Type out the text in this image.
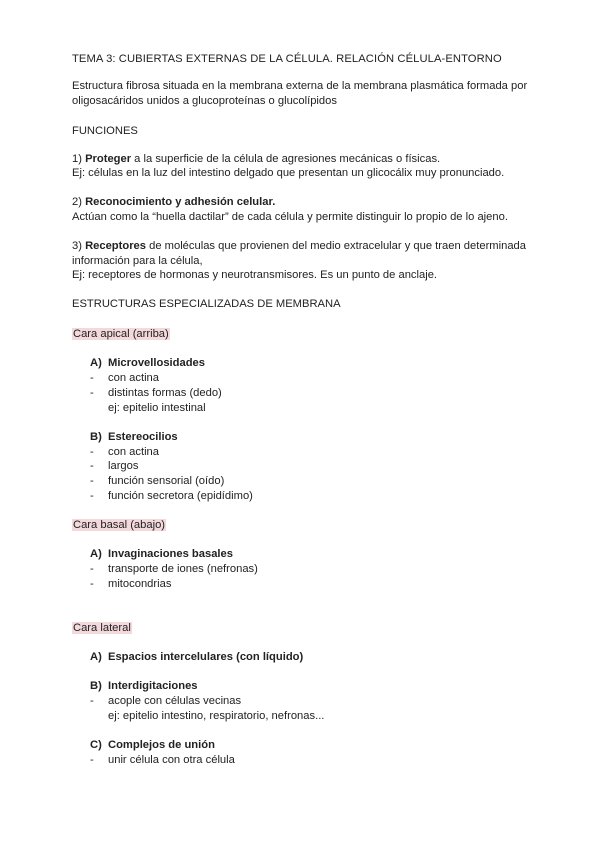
TEMA 3: CUBIERTAS EXTERNAS DE LA CÉLULA. RELACIÓN CÉLULA-ENTORNO
Estructura fibrosa situada en la membrana externa de la membrana plasmática formada por
oligosacáridos unidos a glucoproteínas o glucolípidos
FUNCIONES
1) Proteger a la superficie de la célula de agresiones mecánicas o físicas.
Ej: células en la luz del intestino delgado que presentan un glicocálix muy pronunciado.
2) Reconocimiento y adhesión celular.
Actúan como la “huella dactilar” de cada célula y permite distinguir lo propio de lo ajeno.
3) Receptores de moléculas que provienen del medio extracelular y que traen determinada
información para la célula,
Ej: receptores de hormonas y neurotransmisores. Es un punto de anclaje.
ESTRUCTURAS ESPECIALIZADAS DE MEMBRANA
Cara apical (arriba)
A) Microvellosidades
- con actina
- distintas formas (dedo)
ej: epitelio intestinal
B) Estereocilios
- con actina
- largos
- función sensorial (oído)
- función secretora (epidídimo)
Cara basal (abajo)
A) Invaginaciones basales
- transporte de iones (nefronas)
- mitocondrias
Cara lateral
A) Espacios intercelulares (con líquido)
B) Interdigitaciones
- acople con células vecinas
ej: epitelio intestino, respiratorio, nefronas...
C) Complejos de unión
- unir célula con otra célula
